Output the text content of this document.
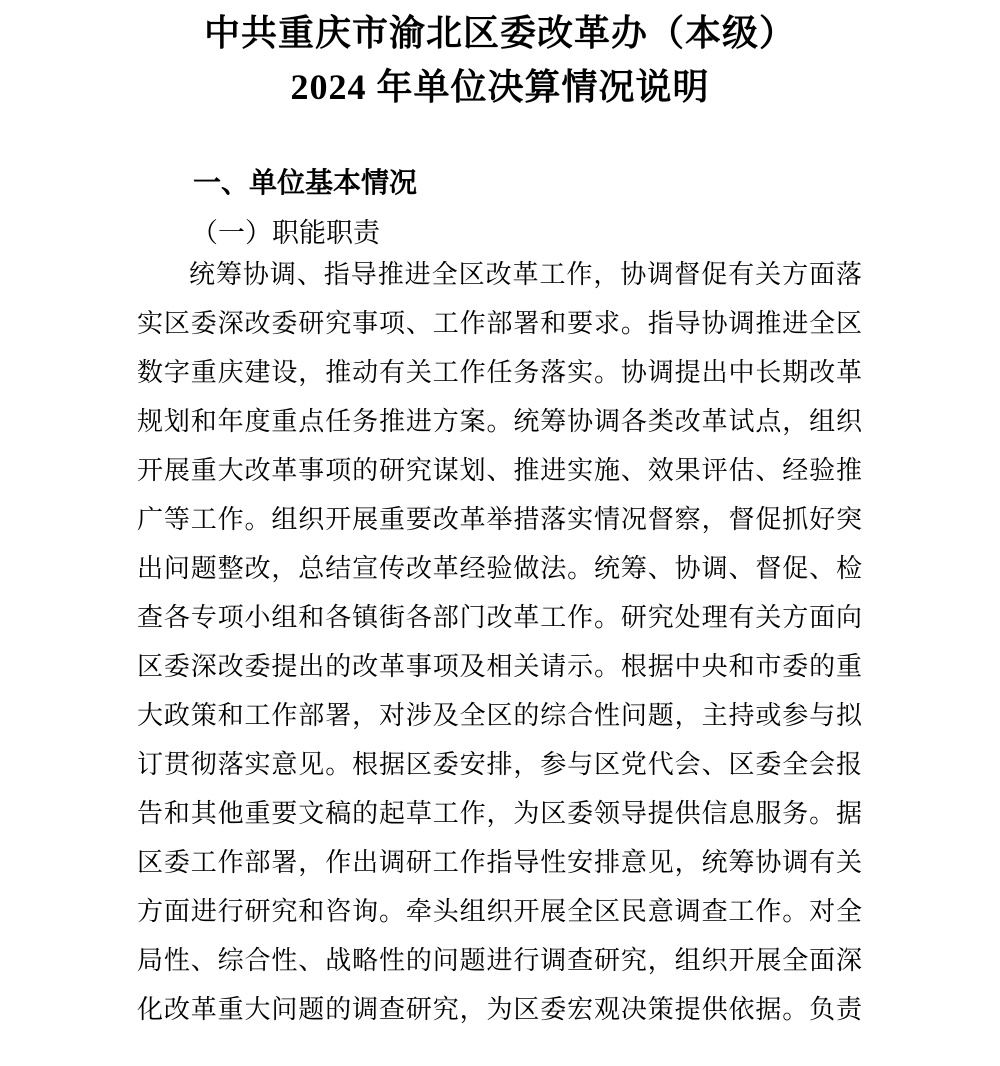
中共重庆市渝北区委改革办（本级）
2024 年单位决算情况说明
一、单位基本情况
（一）职能职责
统筹协调、指导推进全区改革工作，协调督促有关方面落
实区委深改委研究事项、工作部署和要求。指导协调推进全区
数字重庆建设，推动有关工作任务落实。协调提出中长期改革
规划和年度重点任务推进方案。统筹协调各类改革试点，组织
开展重大改革事项的研究谋划、推进实施、效果评估、经验推
广等工作。组织开展重要改革举措落实情况督察，督促抓好突
出问题整改，总结宣传改革经验做法。统筹、协调、督促、检
查各专项小组和各镇街各部门改革工作。研究处理有关方面向
区委深改委提出的改革事项及相关请示。根据中央和市委的重
大政策和工作部署，对涉及全区的综合性问题，主持或参与拟
订贯彻落实意见。根据区委安排，参与区党代会、区委全会报
告和其他重要文稿的起草工作，为区委领导提供信息服务。据
区委工作部署，作出调研工作指导性安排意见，统筹协调有关
方面进行研究和咨询。牵头组织开展全区民意调查工作。对全
局性、综合性、战略性的问题进行调查研究，组织开展全面深
化改革重大问题的调查研究，为区委宏观决策提供依据。负责
